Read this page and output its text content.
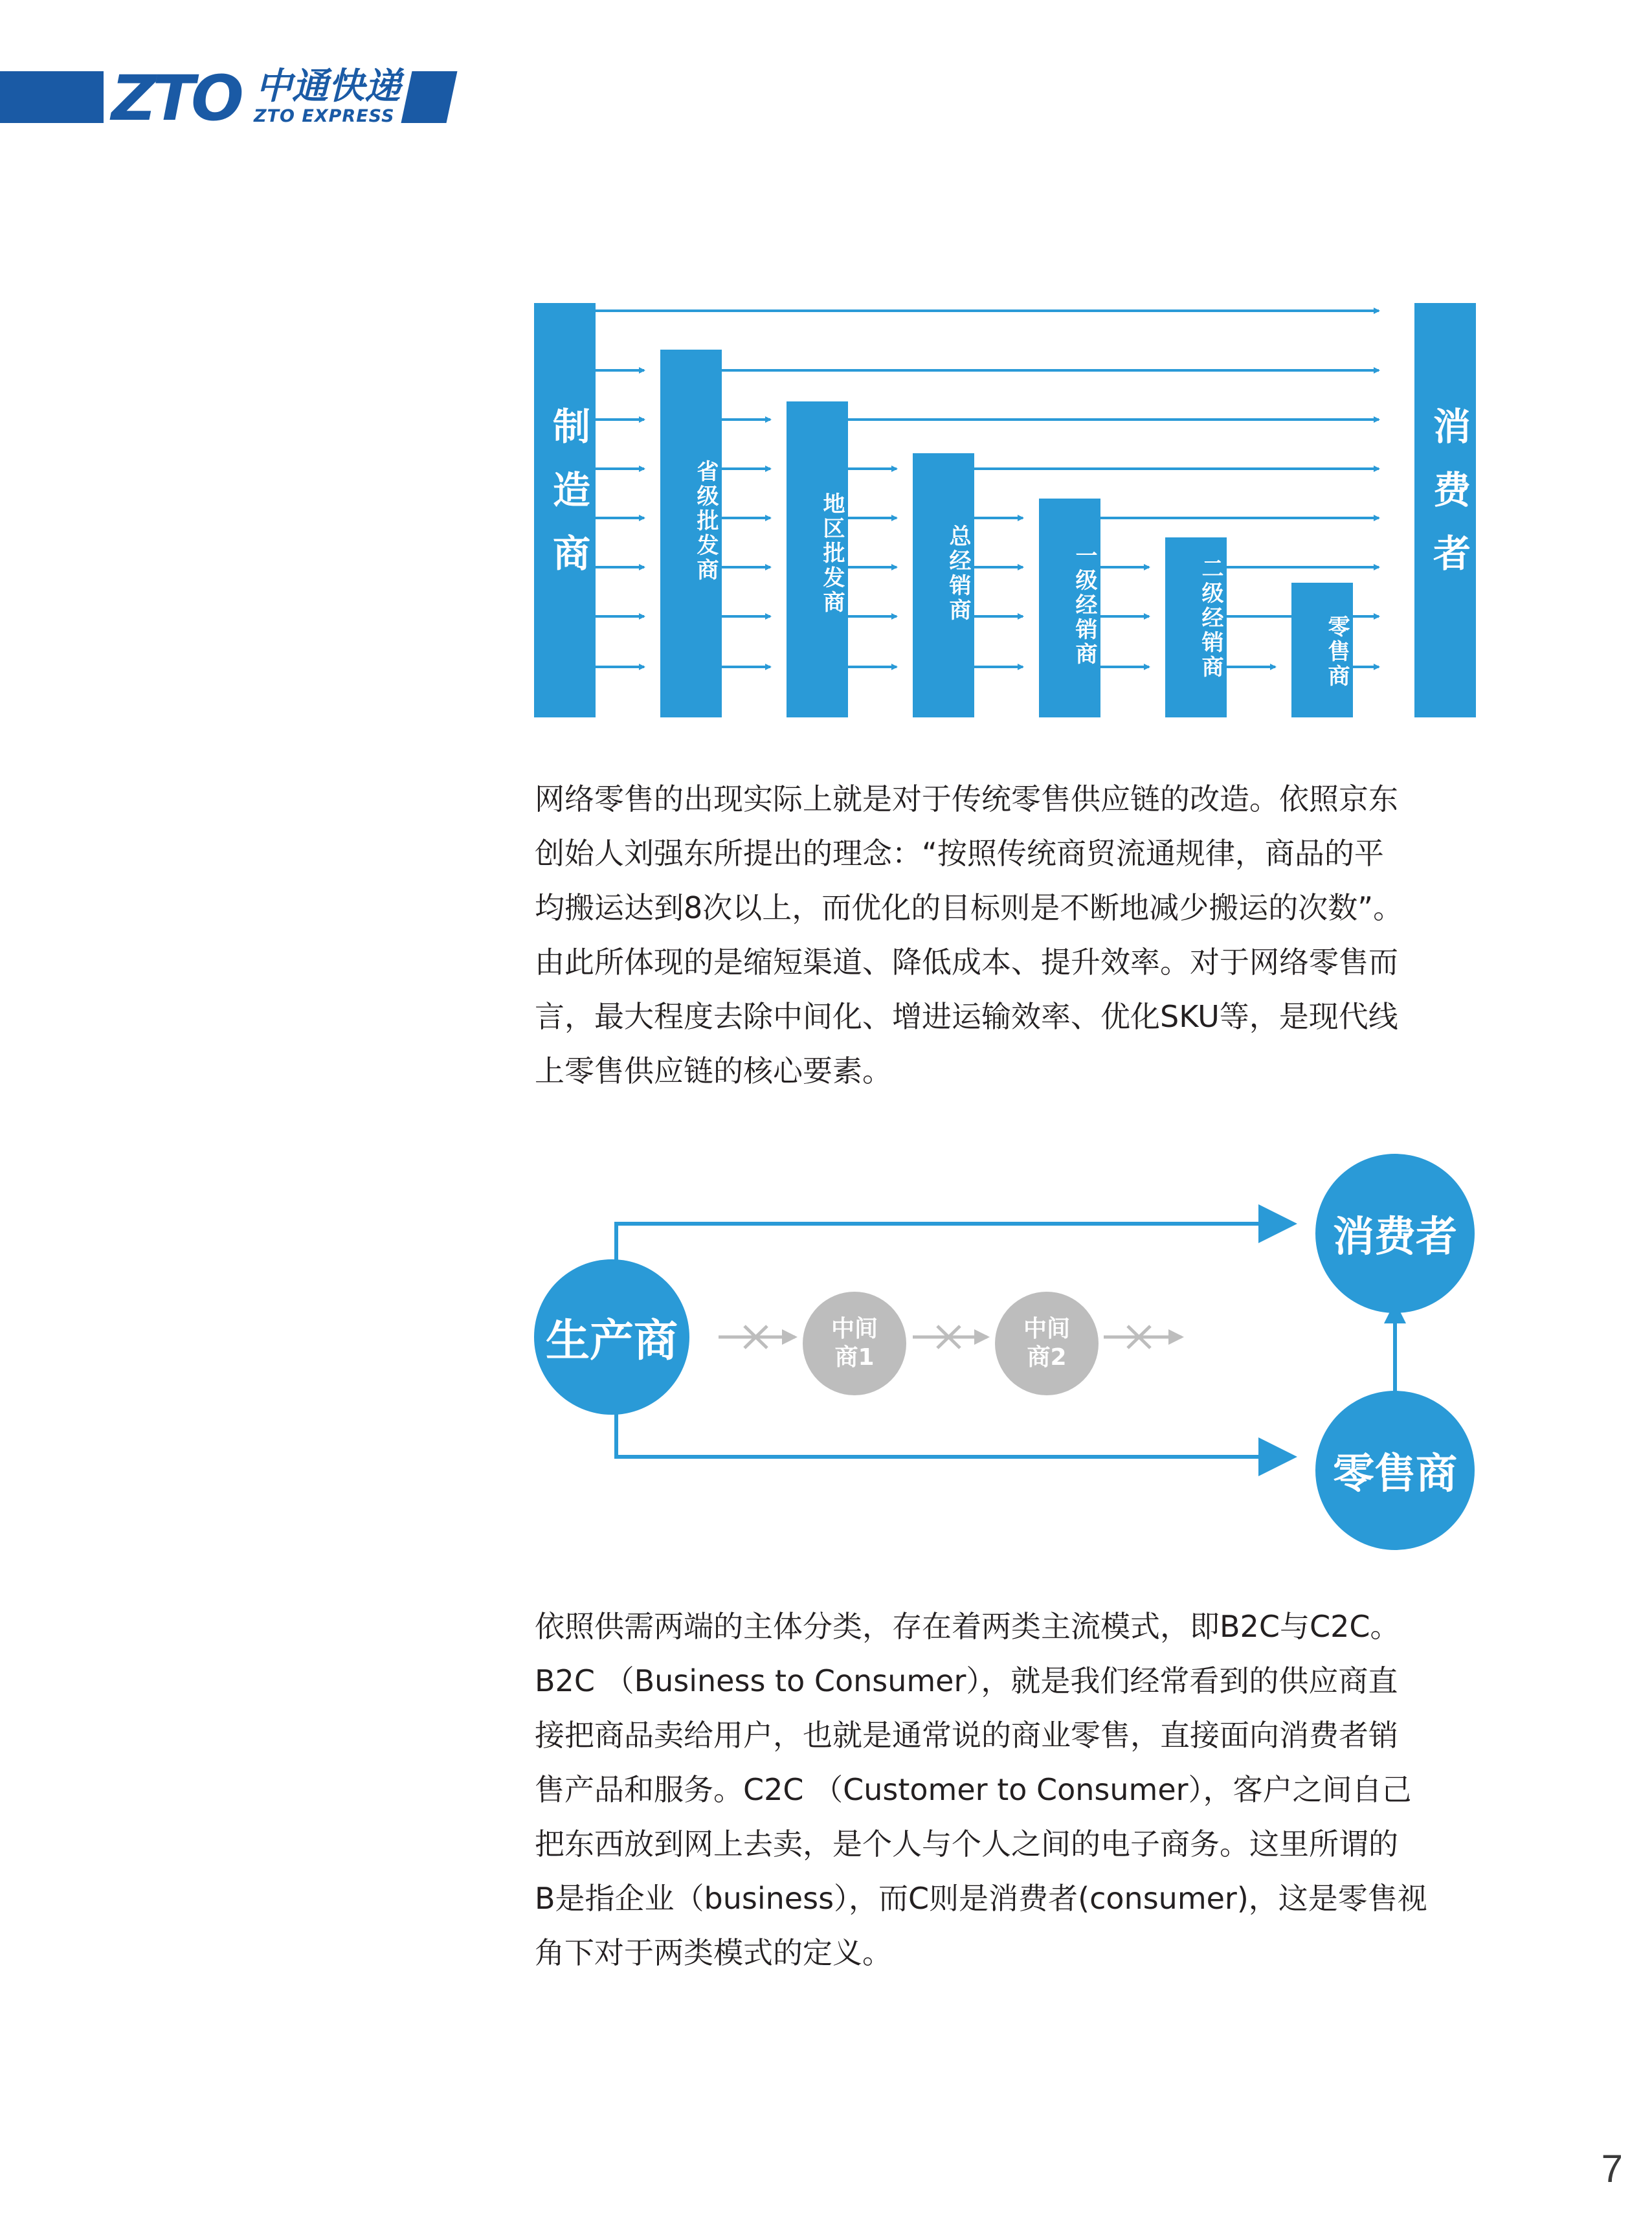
ZTO 中通快递
ZTO EXPRESS
制造商	省级批发商	地区批发商	总经销商	一级经销商	二级经销商	零售商
消费者
网络零售的出现实际上就是对于传统零售供应链的改造。依照京东
创始人刘强东所提出的理念：“按照传统商贸流通规律，商品的平
均搬运达到8次以上，而优化的目标则是不断地减少搬运的次数”。
由此所体现的是缩短渠道、降低成本、提升效率。对于网络零售而
言，最大程度去除中间化、增进运输效率、优化SKU等，是现代线
上零售供应链的核心要素。
生产商	中间
商1
中间
商2
消费者
零售商
依照供需两端的主体分类，存在着两类主流模式，即B2C与C2C。
B2C （Business to Consumer），就是我们经常看到的供应商直
接把商品卖给用户，也就是通常说的商业零售，直接面向消费者销
售产品和服务。C2C （Customer to Consumer），客户之间自己
把东西放到网上去卖，是个人与个人之间的电子商务。这里所谓的
B是指企业（business），而C则是消费者(consumer)，这是零售视
角下对于两类模式的定义。
7
